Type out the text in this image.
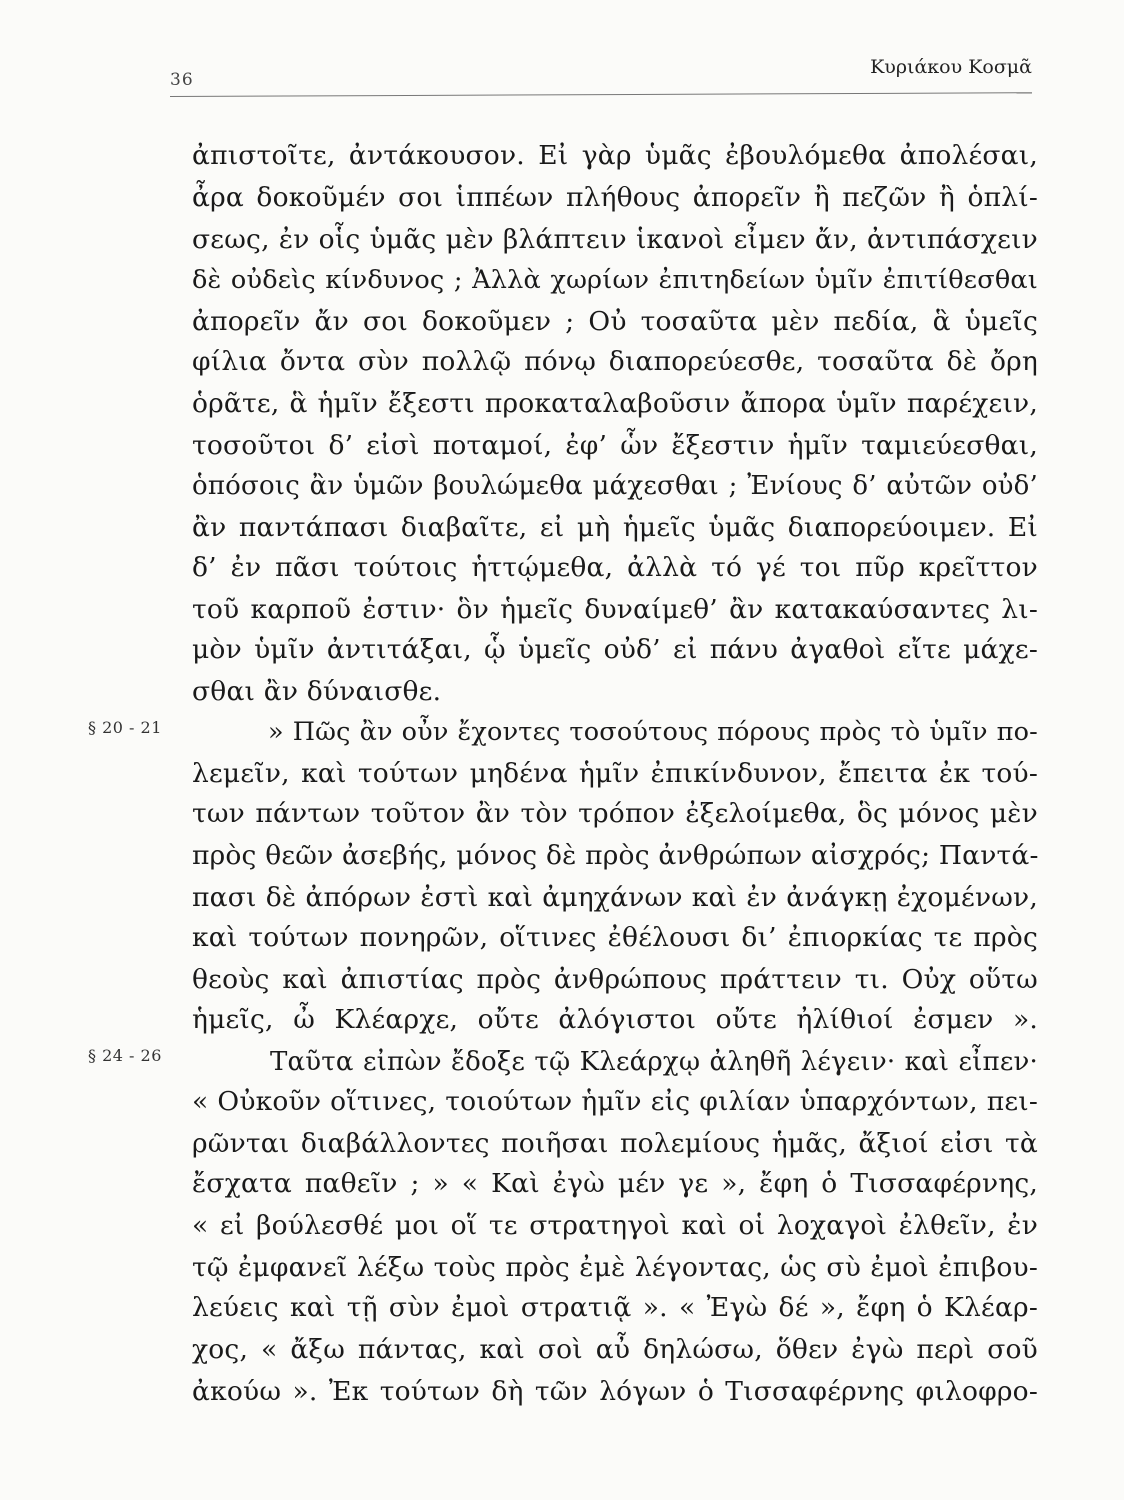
36
Κυριάκου Κοσμᾶ
§ 20 - 21
§ 24 - 26
ἀπιστοῖτε, ἀντάκουσον. Εἰ γὰρ ὑμᾶς ἐβουλόμεθα ἀπολέσαι,
ἆρα δοκοῦμέν σοι ἱππέων πλήθους ἀπορεῖν ἢ πεζῶν ἢ ὁπλί-
σεως, ἐν οἷς ὑμᾶς μὲν βλάπτειν ἱκανοὶ εἶμεν ἄν, ἀντιπάσχειν
δὲ οὐδεὶς κίνδυνος ; Ἀλλὰ χωρίων ἐπιτηδείων ὑμῖν ἐπιτίθεσθαι
ἀπορεῖν ἄν σοι δοκοῦμεν ; Οὐ τοσαῦτα μὲν πεδία, ἃ ὑμεῖς
φίλια ὄντα σὺν πολλῷ πόνῳ διαπορεύεσθε, τοσαῦτα δὲ ὄρη
ὁρᾶτε, ἃ ἡμῖν ἔξεστι προκαταλαβοῦσιν ἄπορα ὑμῖν παρέχειν,
τοσοῦτοι δ’ εἰσὶ ποταμοί, ἐφ’ ὧν ἔξεστιν ἡμῖν ταμιεύεσθαι,
ὁπόσοις ἂν ὑμῶν βουλώμεθα μάχεσθαι ; Ἐνίους δ’ αὐτῶν οὐδ’
ἂν παντάπασι διαβαῖτε, εἰ μὴ ἡμεῖς ὑμᾶς διαπορεύοιμεν. Εἰ
δ’ ἐν πᾶσι τούτοις ἡττῴμεθα, ἀλλὰ τό γέ τοι πῦρ κρεῖττον
τοῦ καρποῦ ἐστιν· ὃν ἡμεῖς δυναίμεθ’ ἂν κατακαύσαντες λι-
μὸν ὑμῖν ἀντιτάξαι, ᾧ ὑμεῖς οὐδ’ εἰ πάνυ ἀγαθοὶ εἴτε μάχε-
σθαι ἂν δύναισθε.
» Πῶς ἂν οὖν ἔχοντες τοσούτους πόρους πρὸς τὸ ὑμῖν πο-
λεμεῖν, καὶ τούτων μηδένα ἡμῖν ἐπικίνδυνον, ἔπειτα ἐκ τού-
των πάντων τοῦτον ἂν τὸν τρόπον ἐξελοίμεθα, ὃς μόνος μὲν
πρὸς θεῶν ἀσεβής, μόνος δὲ πρὸς ἀνθρώπων αἰσχρός; Παντά-
πασι δὲ ἀπόρων ἐστὶ καὶ ἀμηχάνων καὶ ἐν ἀνάγκῃ ἐχομένων,
καὶ τούτων πονηρῶν, οἵτινες ἐθέλουσι δι’ ἐπιορκίας τε πρὸς
θεοὺς καὶ ἀπιστίας πρὸς ἀνθρώπους πράττειν τι. Οὐχ οὕτω
ἡμεῖς, ὦ Κλέαρχε, οὔτε ἀλόγιστοι οὔτε ἠλίθιοί ἐσμεν ».
Ταῦτα εἰπὼν ἔδοξε τῷ Κλεάρχῳ ἀληθῆ λέγειν· καὶ εἶπεν·
« Οὐκοῦν οἵτινες, τοιούτων ἡμῖν εἰς φιλίαν ὑπαρχόντων, πει-
ρῶνται διαβάλλοντες ποιῆσαι πολεμίους ἡμᾶς, ἄξιοί εἰσι τὰ
ἔσχατα παθεῖν ; » « Καὶ ἐγὼ μέν γε », ἔφη ὁ Τισσαφέρνης,
« εἰ βούλεσθέ μοι οἵ τε στρατηγοὶ καὶ οἱ λοχαγοὶ ἐλθεῖν, ἐν
τῷ ἐμφανεῖ λέξω τοὺς πρὸς ἐμὲ λέγοντας, ὡς σὺ ἐμοὶ ἐπιβου-
λεύεις καὶ τῇ σὺν ἐμοὶ στρατιᾷ ». « Ἐγὼ δέ », ἔφη ὁ Κλέαρ-
χος, « ἄξω πάντας, καὶ σοὶ αὖ δηλώσω, ὅθεν ἐγὼ περὶ σοῦ
ἀκούω ». Ἐκ τούτων δὴ τῶν λόγων ὁ Τισσαφέρνης φιλοφρο-
